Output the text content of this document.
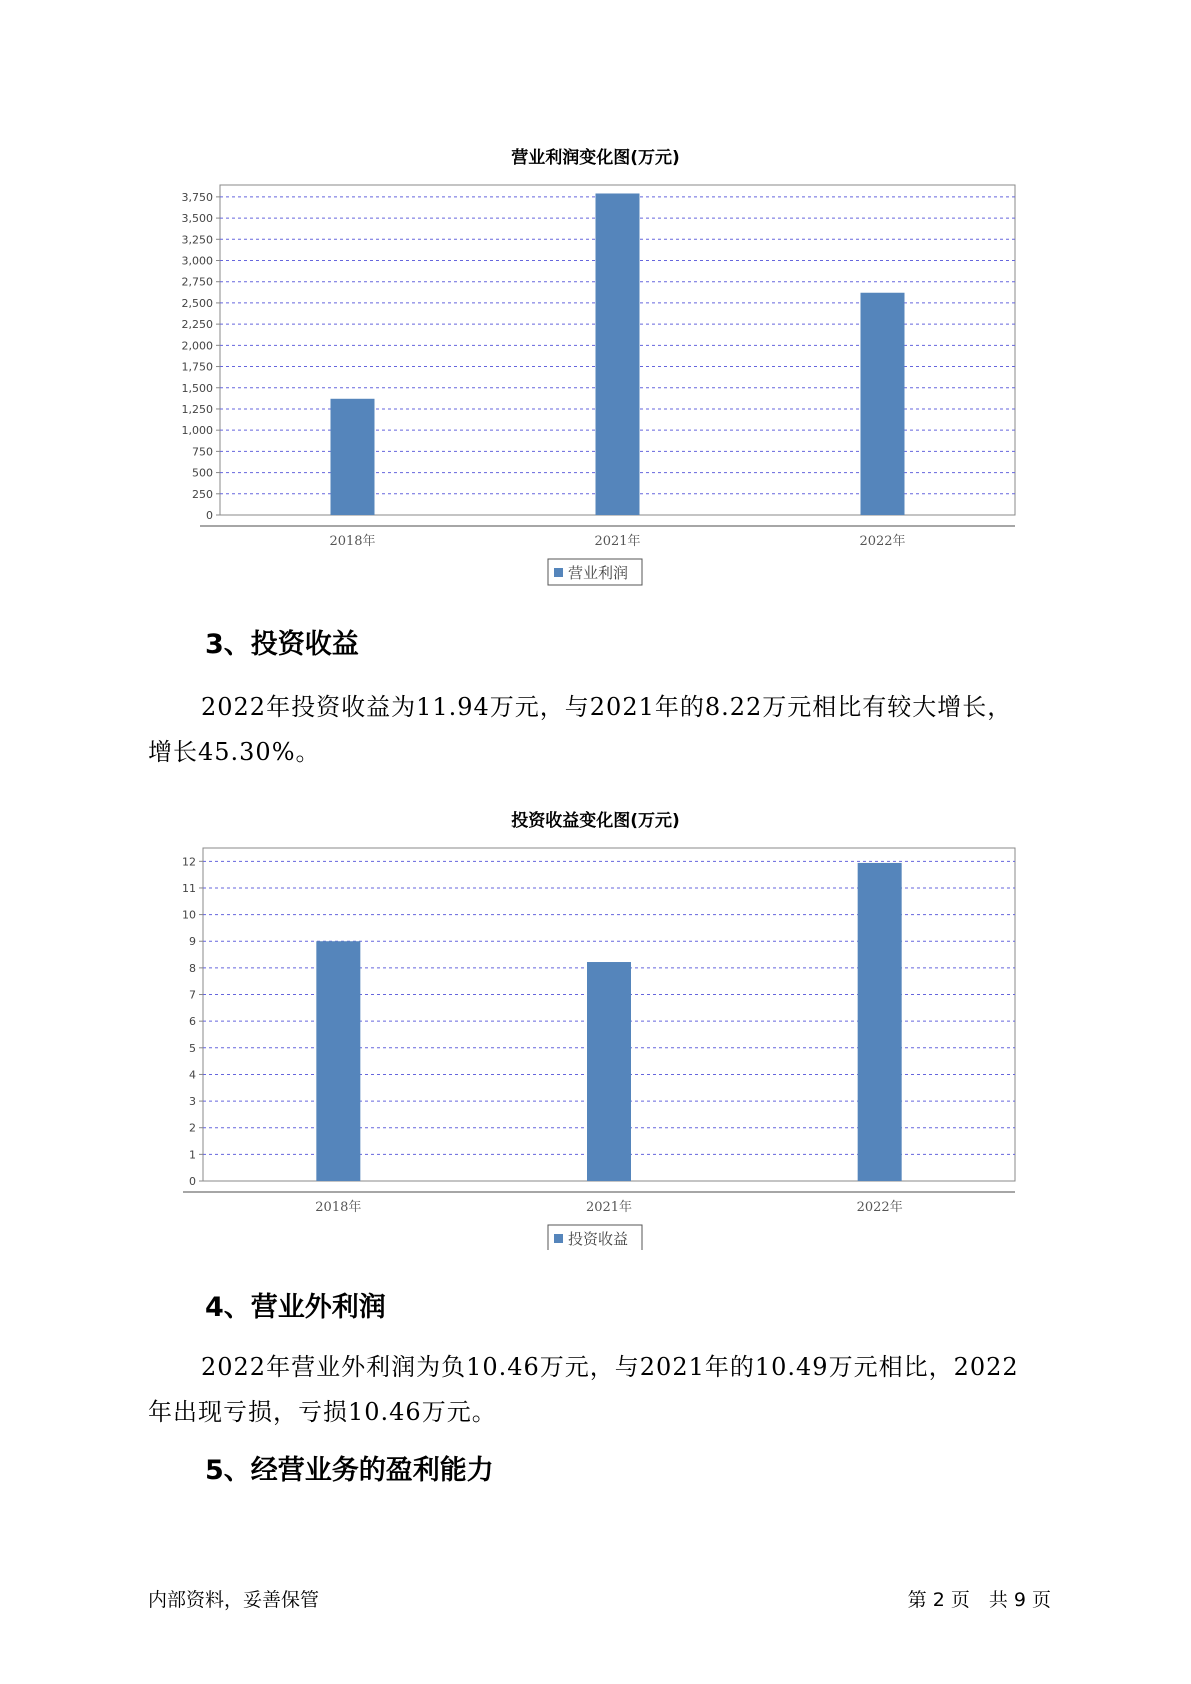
营业利润变化图(万元)
0
250
500
750
1,000
1,250
1,500
1,750
2,000
2,250
2,500
2,750
3,000
3,250
3,500
3,750
2018年	2021年	2022年
营业利润
3、投资收益
2022年投资收益为11.94万元，与2021年的8.22万元相比有较大增长，
增长45.30%。
投资收益变化图(万元)
0
1
2
3
4
5
6
7
8
9
10
11
12
2018年	2021年	2022年
投资收益
4、营业外利润
2022年营业外利润为负10.46万元，与2021年的10.49万元相比，2022
年出现亏损，亏损10.46万元。
5、经营业务的盈利能力
内部资料，妥善保管	第 2 页　共 9 页
